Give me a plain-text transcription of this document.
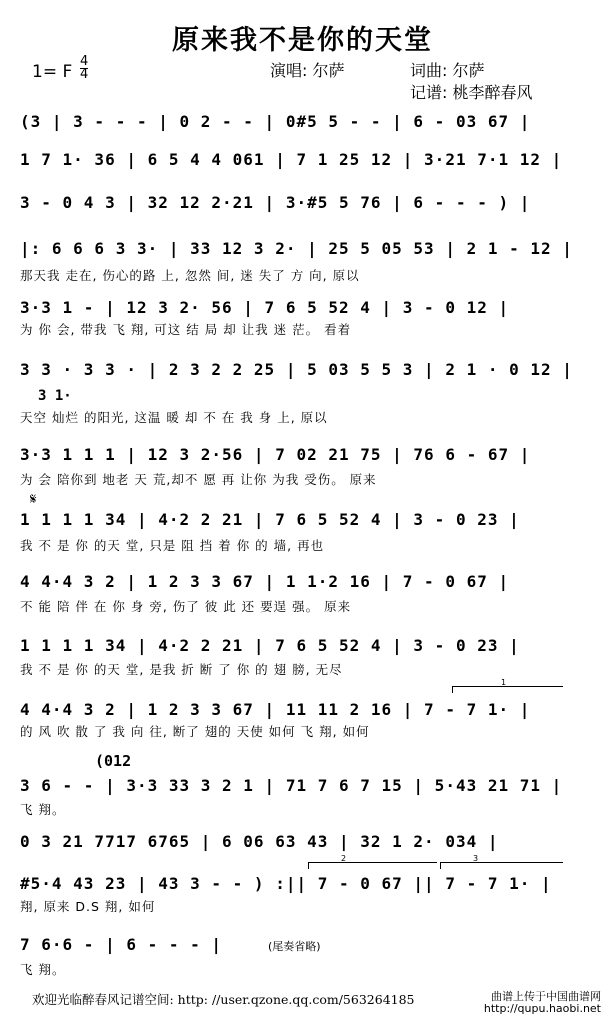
原来我不是你的天堂
1= F
4
4	演唱: 尔萨	词曲: 尔萨
记谱: 桃李醉春风
(3 | 3 - - - | 0 2 - - | 0#5 5 - - | 6 - 03 67 |
1 7 1· 36 | 6 5 4 4 061 | 7 1 25 12 | 3·21 7·1 12 |
3 - 0 4 3 | 32 12 2·21 | 3·#5 5 76 | 6 - - - ) |
|: 6 6 6 3 3· | 33 12 3 2· | 25 5 05 53 | 2 1 - 12 |
那天我 走在, 伤心的路 上, 忽然 间, 迷 失了 方 向, 原以
3·3 1 - | 12 3 2· 56 | 7 6 5 52 4 | 3 - 0 12 |
为 你 会, 带我 飞 翔, 可这 结 局 却 让我 迷 茫。 看着
3 3 · 3 3 · | 2 3 2 2 25 | 5 03 5 5 3 | 2 1 · 0 12 |
3 1·
天空 灿烂 的阳光, 这温 暖 却 不 在 我 身 上, 原以
3·3 1 1 1 | 12 3 2·56 | 7 02 21 75 | 76 6 - 67 |
为 会 陪你到 地老 天 荒,却不 愿 再 让你 为我 受伤。 原来
𝄋
1 1 1 1 34 | 4·2 2 21 | 7 6 5 52 4 | 3 - 0 23 |
我 不 是 你 的天 堂, 只是 阻 挡 着 你 的 墙, 再也
4 4·4 3 2 | 1 2 3 3 67 | 1 1·2 16 | 7 - 0 67 |
不 能 陪 伴 在 你 身 旁, 伤了 彼 此 还 要逞 强。 原来
1 1 1 1 34 | 4·2 2 21 | 7 6 5 52 4 | 3 - 0 23 |
我 不 是 你 的天 堂, 是我 折 断 了 你 的 翅 膀, 无尽
1
4 4·4 3 2 | 1 2 3 3 67 | 11 11 2 16 | 7 - 7 1· |
的 风 吹 散 了 我 向 往, 断了 翅的 天使 如何 飞 翔, 如何
(012
3 6 - - | 3·3 33 3 2 1 | 71 7 6 7 15 | 5·43 21 71 |
飞 翔。
0 3 21 7717 6765 | 6 06 63 43 | 32 1 2· 034 |
2	3
#5·4 43 23 | 43 3 - - ) :|| 7 - 0 67 || 7 - 7 1· |
翔, 原来 D.S 翔, 如何
7 6·6 - | 6 - - - |	(尾奏省略)
飞 翔。
欢迎光临醉春风记谱空间: http: //user.qzone.qq.com/563264185	曲谱上传于中国曲谱网
http://qupu.haobi.net
